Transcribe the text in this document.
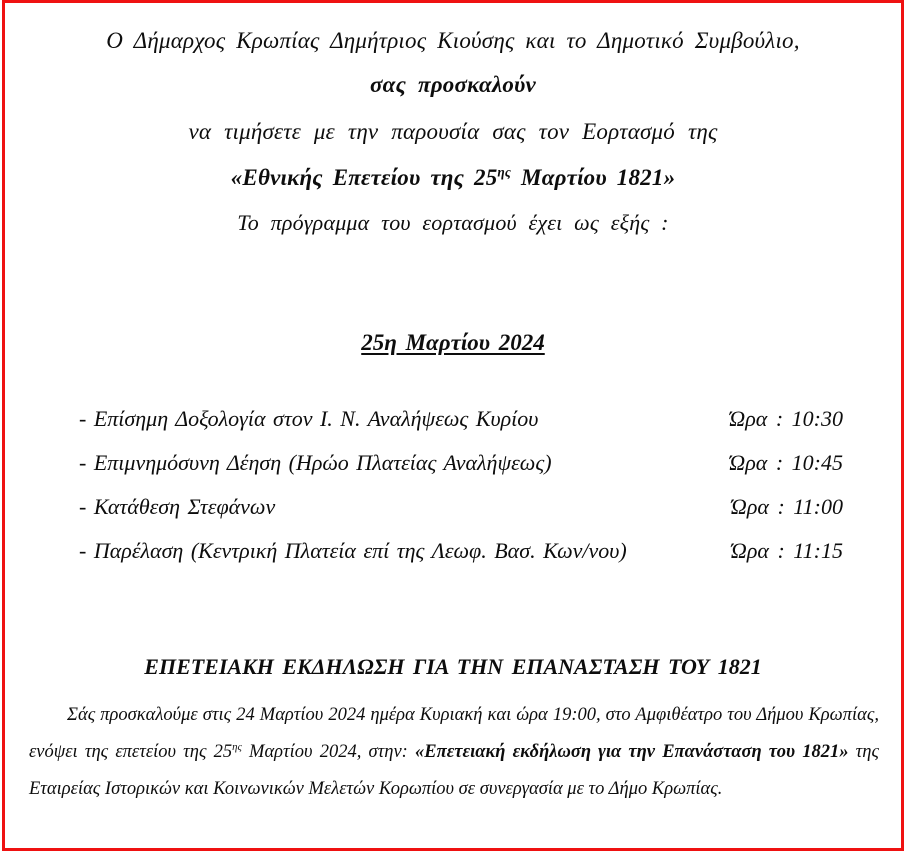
Ο Δήμαρχος Κρωπίας Δημήτριος Κιούσης και το Δημοτικό Συμβούλιο,
σας προσκαλούν
να τιμήσετε με την παρουσία σας τον Εορτασμό της
«Εθνικής Επετείου της $25^{\eta\varsigma}$ Μαρτίου 1821»
Το πρόγραμμα του εορτασμού έχει ως εξής :
25η Μαρτίου 2024
- Επίσημη Δοξολογία στον Ι. Ν. Αναλήψεως Κυρίου	Ώρα : 10:30
- Επιμνημόσυνη Δέηση (Ηρώο Πλατείας Αναλήψεως)	Ώρα : 10:45
- Κατάθεση Στεφάνων	Ώρα : 11:00
- Παρέλαση (Κεντρική Πλατεία επί της Λεωφ. Βασ. Κων/νου)	Ώρα : 11:15
ΕΠΕΤΕΙΑΚΗ ΕΚΔΗΛΩΣΗ ΓΙΑ ΤΗΝ ΕΠΑΝΑΣΤΑΣΗ ΤΟΥ 1821
Σάς προσκαλούμε στις 24 Μαρτίου 2024 ημέρα Κυριακή και ώρα 19:00, στο Αμφιθέατρο του Δήμου Κρωπίας, ενόψει της επετείου της $25^{\eta\varsigma}$ Μαρτίου 2024, στην: «Επετειακή εκδήλωση για την Επανάσταση του 1821» της Εταιρείας Ιστορικών και Κοινωνικών Μελετών Κορωπίου σε συνεργασία με το Δήμο Κρωπίας.
